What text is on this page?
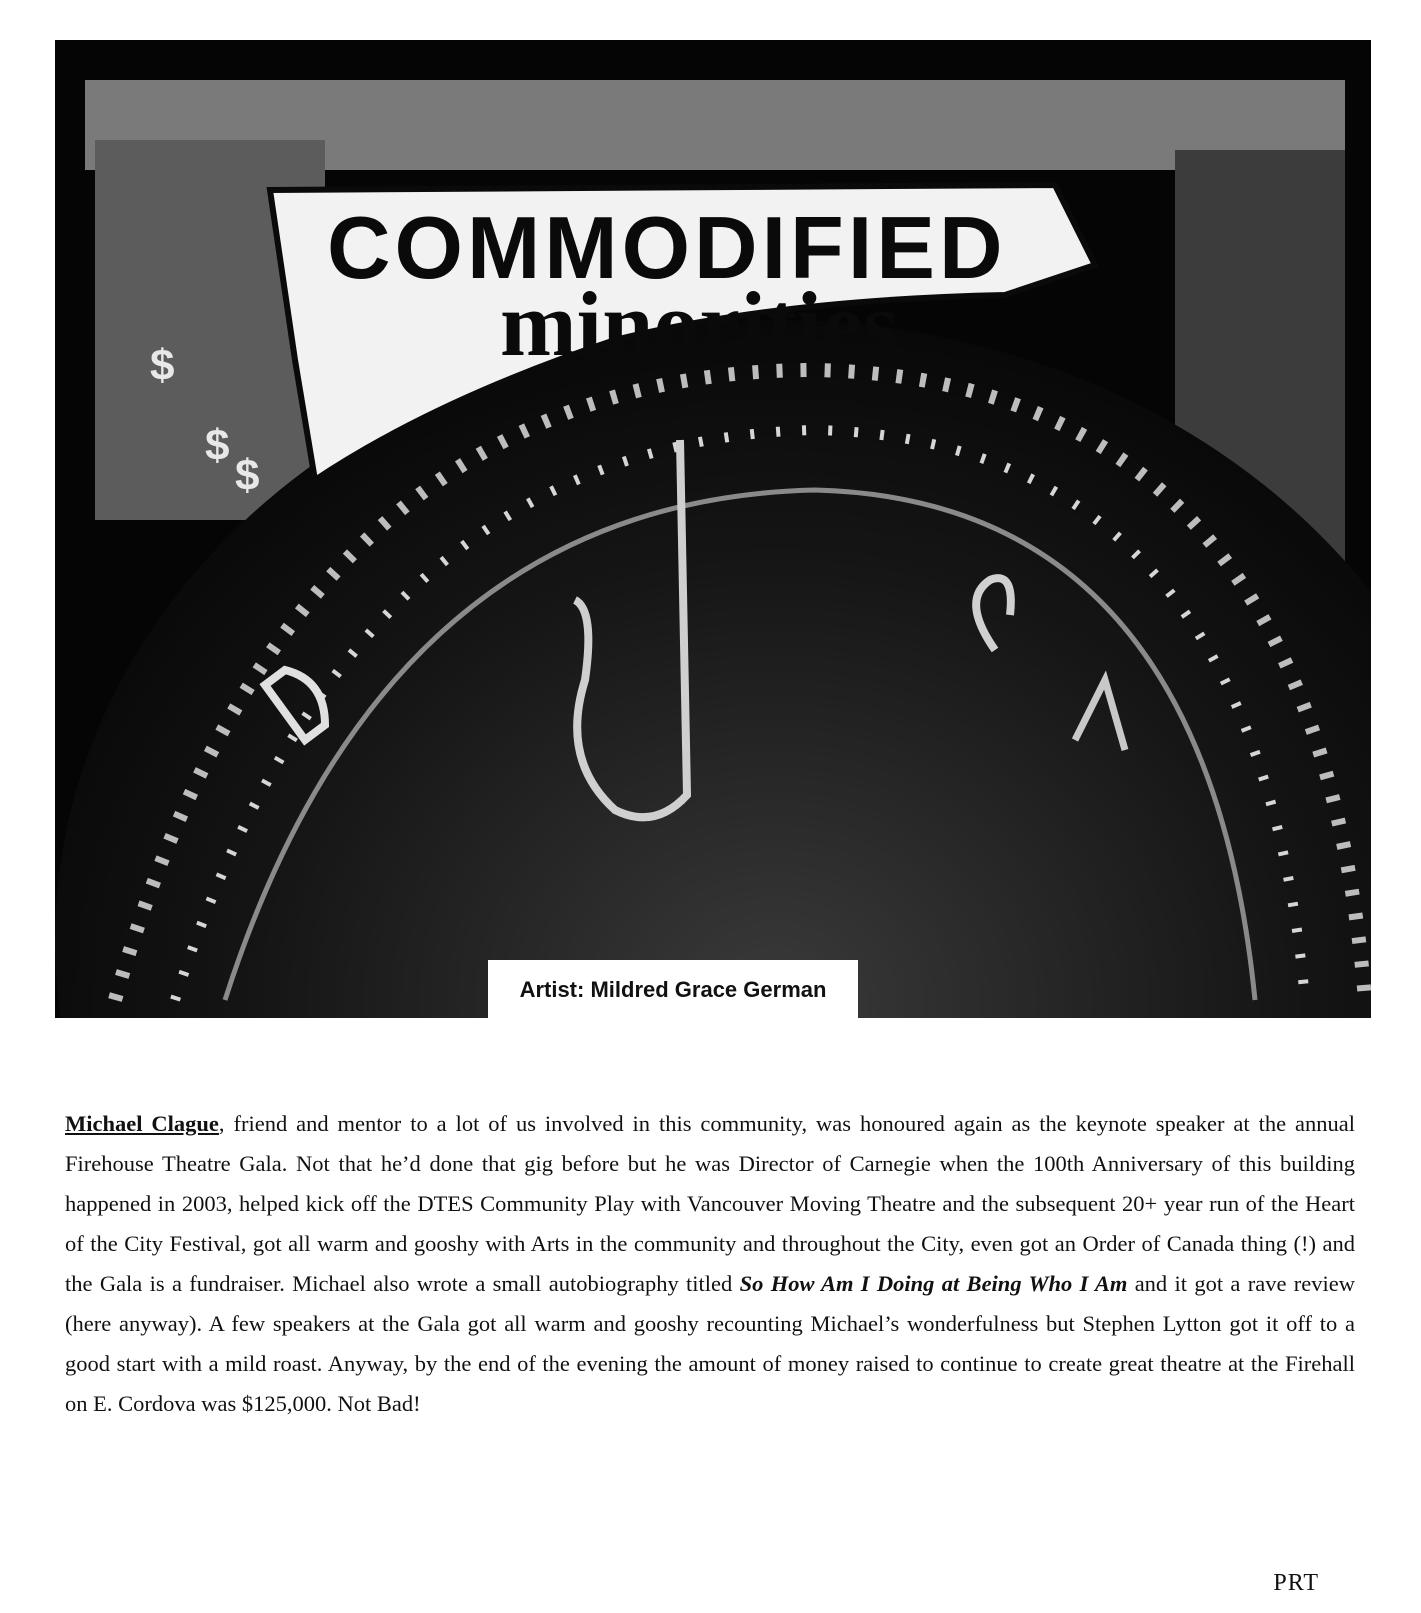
COMMODIFIED
minorities
$
$
$
Artist: Mildred Grace German
Michael Clague, friend and mentor to a lot of us involved in this community, was honoured again as the keynote speaker at the annual Firehouse Theatre Gala. Not that he’d done that gig before but he was Director of Carnegie when the 100th Anniversary of this building happened in 2003, helped kick off the DTES Community Play with Vancouver Moving Theatre and the subsequent 20+ year run of the Heart of the City Festival, got all warm and gooshy with Arts in the community and throughout the City, even got an Order of Canada thing (!) and the Gala is a fundraiser. Michael also wrote a small autobiography titled So How Am I Doing at Being Who I Am and it got a rave review (here anyway). A few speakers at the Gala got all warm and gooshy recounting Michael’s wonderfulness but Stephen Lytton got it off to a good start with a mild roast. Anyway, by the end of the evening the amount of money raised to continue to create great theatre at the Firehall on E. Cordova was $125,000. Not Bad!
PRT
